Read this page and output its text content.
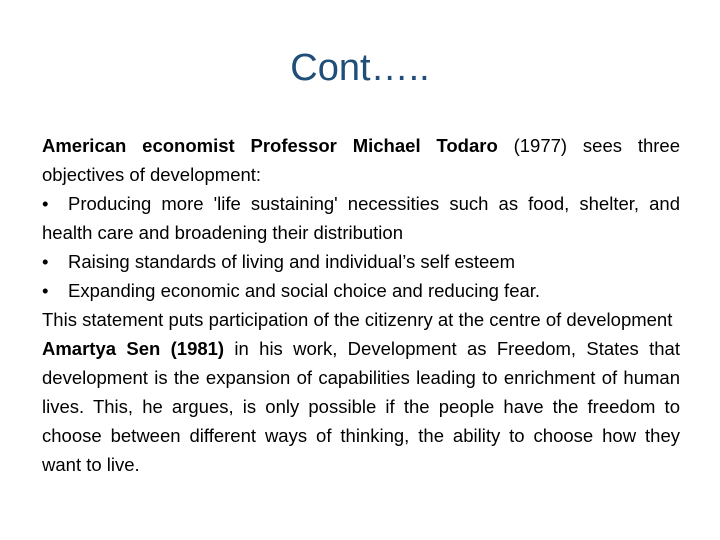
Cont…..

American economist Professor Michael Todaro (1977) sees three objectives of development:

• Producing more 'life sustaining' necessities such as food, shelter, and health care and broadening their distribution

• Raising standards of living and individual’s self esteem

• Expanding economic and social choice and reducing fear.

This statement puts participation of the citizenry at the centre of development

Amartya Sen (1981) in his work, Development as Freedom, States that development is the expansion of capabilities leading to enrichment of human lives. This, he argues, is only possible if the people have the freedom to choose between different ways of thinking, the ability to choose how they want to live.
